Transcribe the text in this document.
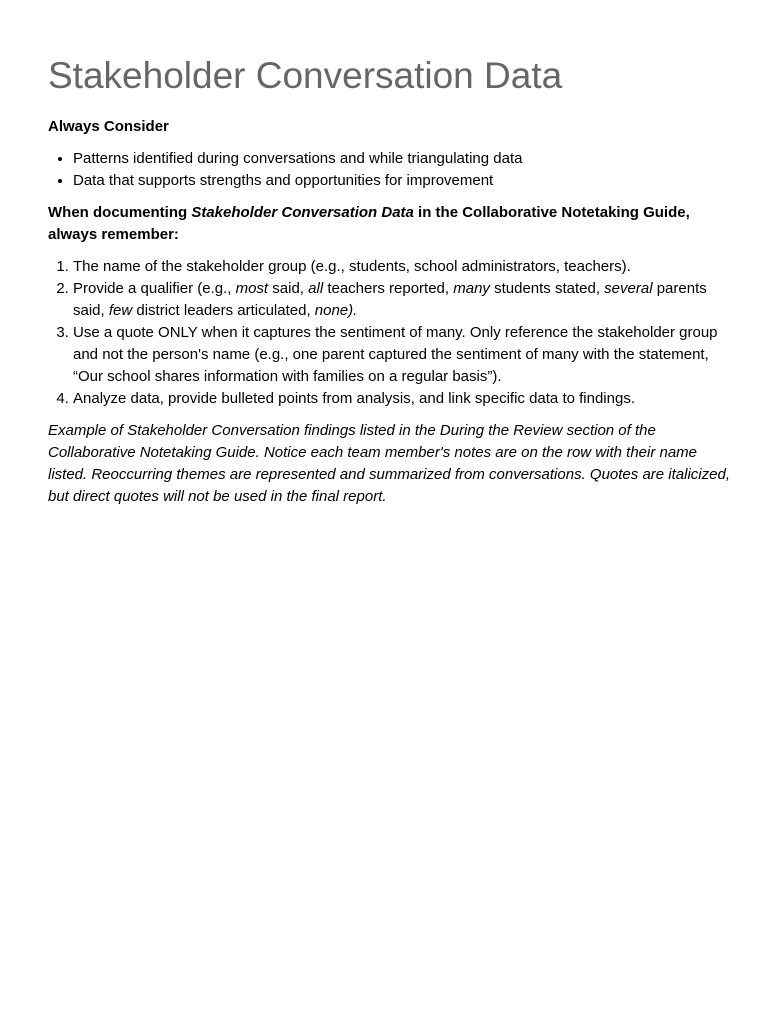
Stakeholder Conversation Data

Always Consider

• Patterns identified during conversations and while triangulating data
• Data that supports strengths and opportunities for improvement

When documenting Stakeholder Conversation Data in the Collaborative Notetaking Guide, always remember:

1. The name of the stakeholder group (e.g., students, school administrators, teachers).
2. Provide a qualifier (e.g., most said, all teachers reported, many students stated, several parents said, few district leaders articulated, none).
3. Use a quote ONLY when it captures the sentiment of many. Only reference the stakeholder group and not the person's name (e.g., one parent captured the sentiment of many with the statement, “Our school shares information with families on a regular basis”).
4. Analyze data, provide bulleted points from analysis, and link specific data to findings.

Example of Stakeholder Conversation findings listed in the During the Review section of the Collaborative Notetaking Guide. Notice each team member's notes are on the row with their name listed. Reoccurring themes are represented and summarized from conversations. Quotes are italicized, but direct quotes will not be used in the final report.
